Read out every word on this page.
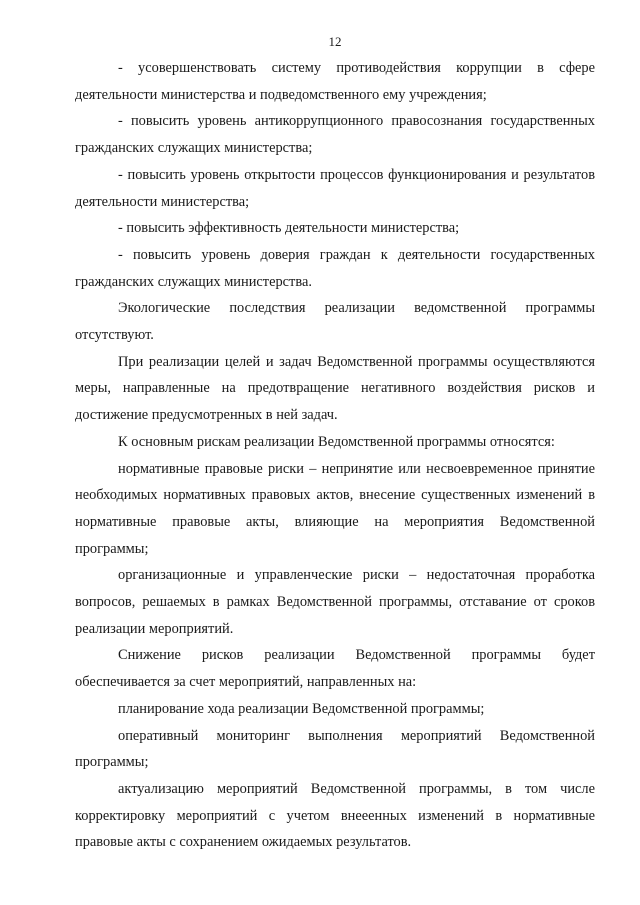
12

- усовершенствовать систему противодействия коррупции в сфере деятельности министерства и подведомственного ему учреждения;

- повысить уровень антикоррупционного правосознания государственных гражданских служащих министерства;

- повысить уровень открытости процессов функционирования и результатов деятельности министерства;

- повысить эффективность деятельности министерства;

- повысить уровень доверия граждан к деятельности государственных гражданских служащих министерства.

Экологические последствия реализации ведомственной программы отсутствуют.

При реализации целей и задач Ведомственной программы осуществляются меры, направленные на предотвращение негативного воздействия рисков и достижение предусмотренных в ней задач.

К основным рискам реализации Ведомственной программы относятся:

нормативные правовые риски – непринятие или несвоевременное принятие необходимых нормативных правовых актов, внесение существенных изменений в нормативные правовые акты, влияющие на мероприятия Ведомственной программы;

организационные и управленческие риски – недостаточная проработка вопросов, решаемых в рамках Ведомственной программы, отставание от сроков реализации мероприятий.

Снижение рисков реализации Ведомственной программы будет обеспечивается за счет мероприятий, направленных на:

планирование хода реализации Ведомственной программы;

оперативный мониторинг выполнения мероприятий Ведомственной программы;

актуализацию мероприятий Ведомственной программы, в том числе корректировку мероприятий с учетом внееенных изменений в нормативные правовые акты с сохранением ожидаемых результатов.
